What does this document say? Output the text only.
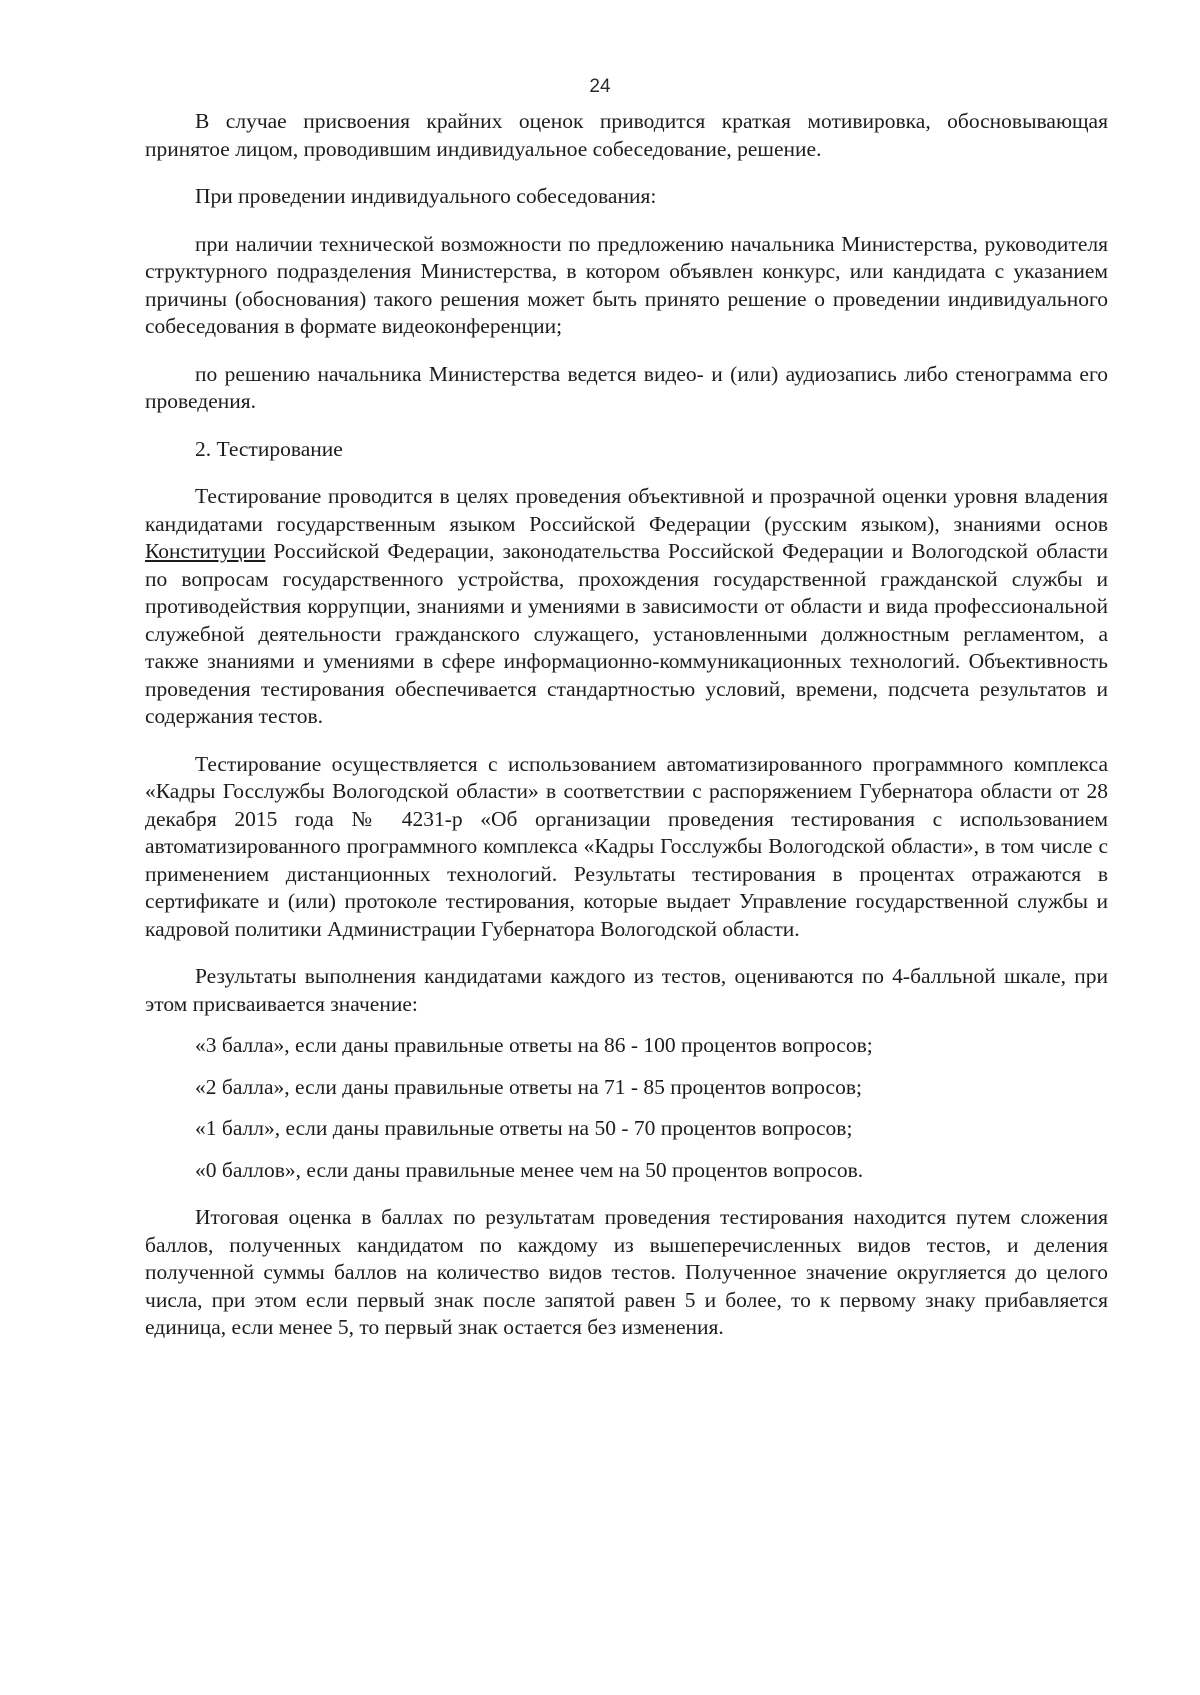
24

В случае присвоения крайних оценок приводится краткая мотивировка, обосновывающая принятое лицом, проводившим индивидуальное собеседование, решение.

При проведении индивидуального собеседования:

при наличии технической возможности по предложению начальника Министерства, руководителя структурного подразделения Министерства, в котором объявлен конкурс, или кандидата с указанием причины (обоснования) такого решения может быть принято решение о проведении индивидуального собеседования в формате видеоконференции;

по решению начальника Министерства ведется видео- и (или) аудиозапись либо стенограмма его проведения.

2. Тестирование

Тестирование проводится в целях проведения объективной и прозрачной оценки уровня владения кандидатами государственным языком Российской Федерации (русским языком), знаниями основ Конституции Российской Федерации, законодательства Российской Федерации и Вологодской области по вопросам государственного устройства, прохождения государственной гражданской службы и противодействия коррупции, знаниями и умениями в зависимости от области и вида профессиональной служебной деятельности гражданского служащего, установленными должностным регламентом, а также знаниями и умениями в сфере информационно-коммуникационных технологий. Объективность проведения тестирования обеспечивается стандартностью условий, времени, подсчета результатов и содержания тестов.

Тестирование осуществляется с использованием автоматизированного программного комплекса «Кадры Госслужбы Вологодской области» в соответствии с распоряжением Губернатора области от 28 декабря 2015 года № 4231-р «Об организации проведения тестирования с использованием автоматизированного программного комплекса «Кадры Госслужбы Вологодской области», в том числе с применением дистанционных технологий. Результаты тестирования в процентах отражаются в сертификате и (или) протоколе тестирования, которые выдает Управление государственной службы и кадровой политики Администрации Губернатора Вологодской области.

Результаты выполнения кандидатами каждого из тестов, оцениваются по 4-балльной шкале, при этом присваивается значение:

«3 балла», если даны правильные ответы на 86 - 100 процентов вопросов;

«2 балла», если даны правильные ответы на 71 - 85 процентов вопросов;

«1 балл», если даны правильные ответы на 50 - 70 процентов вопросов;

«0 баллов», если даны правильные менее чем на 50 процентов вопросов.

Итоговая оценка в баллах по результатам проведения тестирования находится путем сложения баллов, полученных кандидатом по каждому из вышеперечисленных видов тестов, и деления полученной суммы баллов на количество видов тестов. Полученное значение округляется до целого числа, при этом если первый знак после запятой равен 5 и более, то к первому знаку прибавляется единица, если менее 5, то первый знак остается без изменения.
